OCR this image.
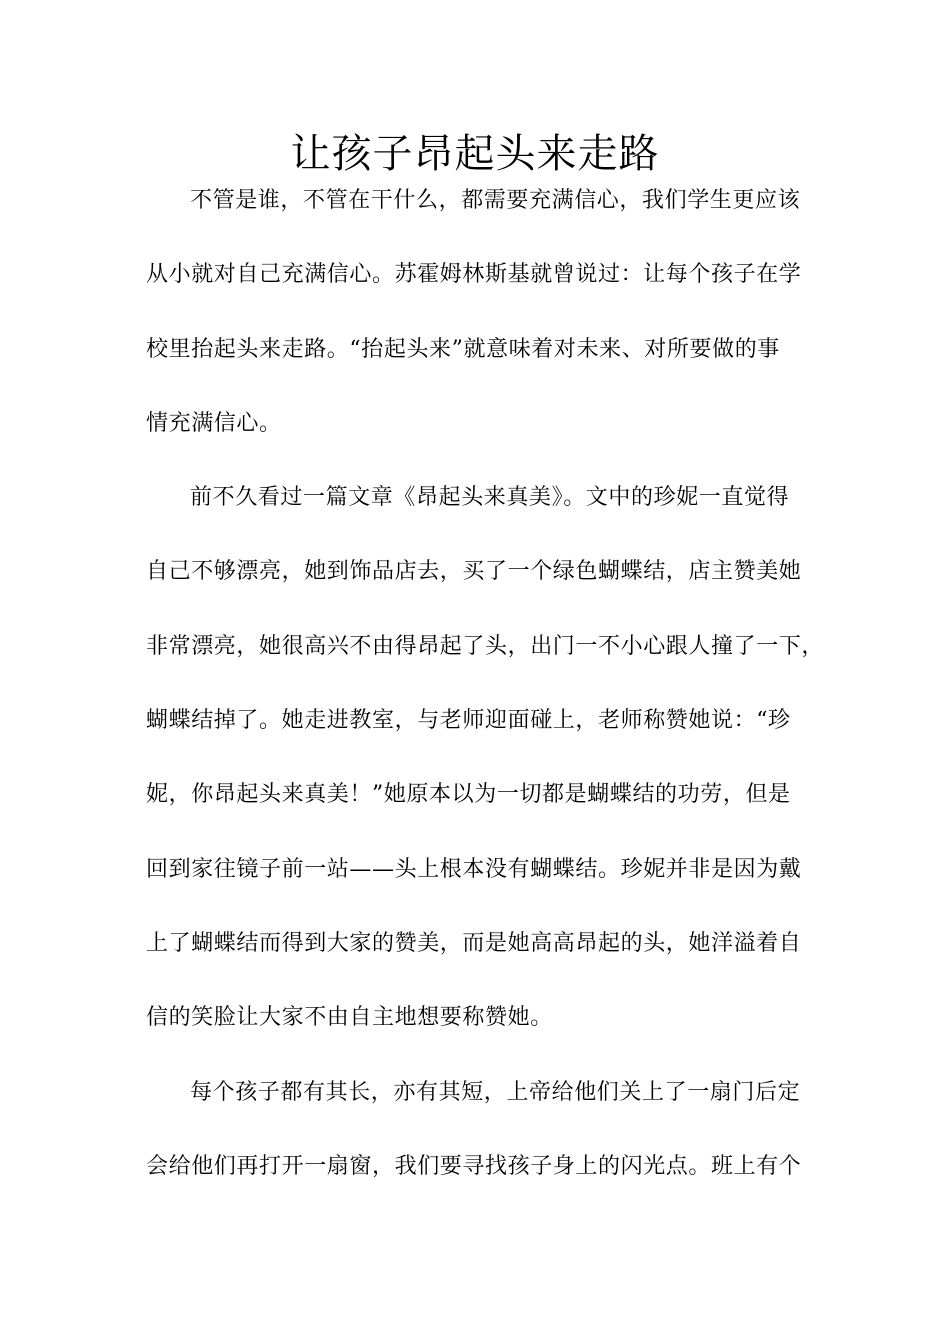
让孩子昂起头来走路

不管是谁，不管在干什么，都需要充满信心，我们学生更应该

从小就对自己充满信心。苏霍姆林斯基就曾说过：让每个孩子在学

校里抬起头来走路。“抬起头来”就意味着对未来、对所要做的事

情充满信心。

前不久看过一篇文章《昂起头来真美》。文中的珍妮一直觉得

自己不够漂亮，她到饰品店去，买了一个绿色蝴蝶结，店主赞美她

非常漂亮，她很高兴不由得昂起了头，出门一不小心跟人撞了一下，

蝴蝶结掉了。她走进教室，与老师迎面碰上，老师称赞她说：“珍

妮，你昂起头来真美！”她原本以为一切都是蝴蝶结的功劳，但是

回到家往镜子前一站——头上根本没有蝴蝶结。珍妮并非是因为戴

上了蝴蝶结而得到大家的赞美，而是她高高昂起的头，她洋溢着自

信的笑脸让大家不由自主地想要称赞她。

每个孩子都有其长，亦有其短，上帝给他们关上了一扇门后定

会给他们再打开一扇窗，我们要寻找孩子身上的闪光点。班上有个
